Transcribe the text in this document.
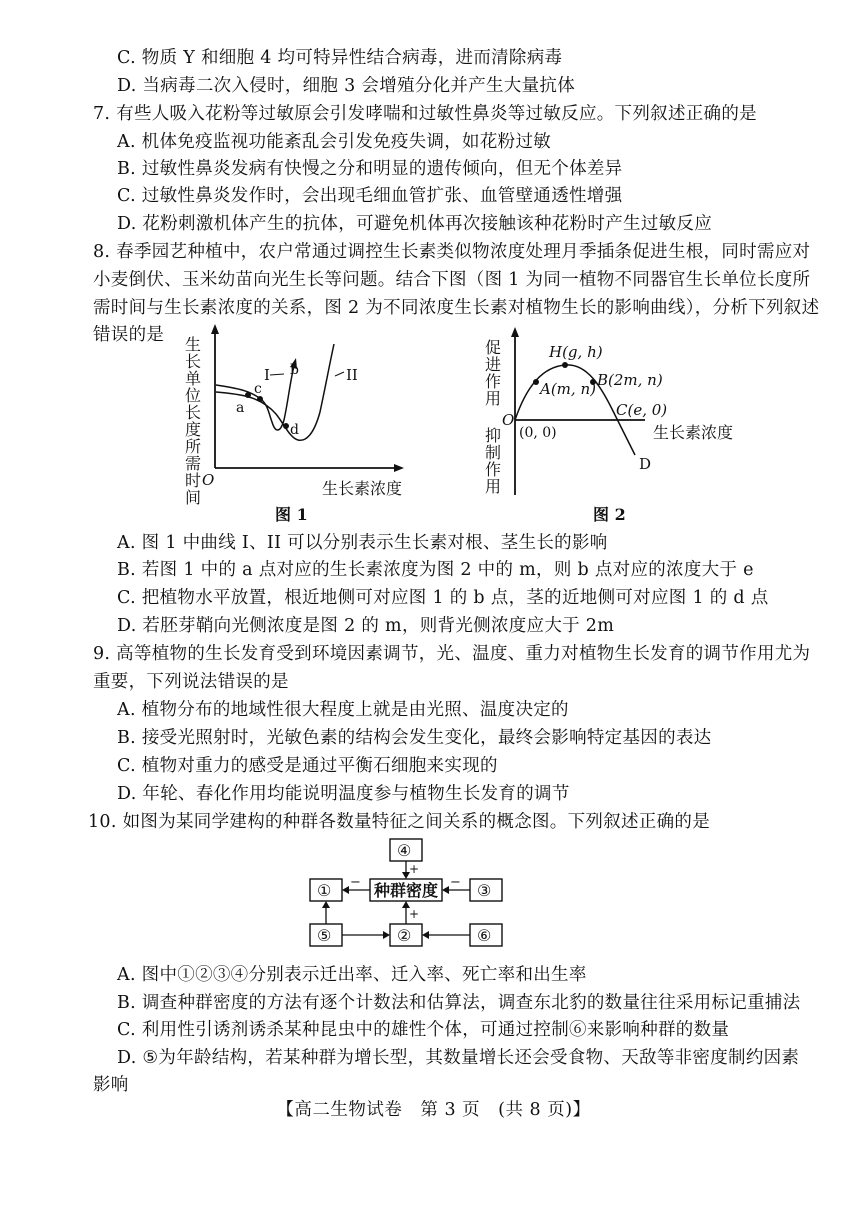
C. 物质 Y 和细胞 4 均可特异性结合病毒，进而清除病毒
D. 当病毒二次入侵时，细胞 3 会增殖分化并产生大量抗体
7. 有些人吸入花粉等过敏原会引发哮喘和过敏性鼻炎等过敏反应。下列叙述正确的是
A. 机体免疫监视功能紊乱会引发免疫失调，如花粉过敏
B. 过敏性鼻炎发病有快慢之分和明显的遗传倾向，但无个体差异
C. 过敏性鼻炎发作时，会出现毛细血管扩张、血管壁通透性增强
D. 花粉刺激机体产生的抗体，可避免机体再次接触该种花粉时产生过敏反应
8. 春季园艺种植中，农户常通过调控生长素类似物浓度处理月季插条促进生根，同时需应对
小麦倒伏、玉米幼苗向光生长等问题。结合下图（图 1 为同一植物不同器官生长单位长度所
需时间与生长素浓度的关系，图 2 为不同浓度生长素对植物生长的影响曲线），分析下列叙述
错误的是
生长单位长度所需时间 O	生长素浓度
a
c
b
d
I	II
图 1
促进作用
抑制作用
O
(0, 0)	生长素浓度
H(g, h)
A(m, n) B(2m, n)
C(e, 0)
D
图 2
A. 图 1 中曲线 I、II 可以分别表示生长素对根、茎生长的影响
B. 若图 1 中的 a 点对应的生长素浓度为图 2 中的 m，则 b 点对应的浓度大于 e
C. 把植物水平放置，根近地侧可对应图 1 的 b 点，茎的近地侧可对应图 1 的 d 点
D. 若胚芽鞘向光侧浓度是图 2 的 m，则背光侧浓度应大于 2m
9. 高等植物的生长发育受到环境因素调节，光、温度、重力对植物生长发育的调节作用尤为
重要，下列说法错误的是
A. 植物分布的地域性很大程度上就是由光照、温度决定的
B. 接受光照射时，光敏色素的结构会发生变化，最终会影响特定基因的表达
C. 植物对重力的感受是通过平衡石细胞来实现的
D. 年轮、春化作用均能说明温度参与植物生长发育的调节
10. 如图为某同学建构的种群各数量特征之间关系的概念图。下列叙述正确的是
④
种群密度
①	③
⑤	②	⑥
+
−	−
+
A. 图中①②③④分别表示迁出率、迁入率、死亡率和出生率
B. 调查种群密度的方法有逐个计数法和估算法，调查东北豹的数量往往采用标记重捕法
C. 利用性引诱剂诱杀某种昆虫中的雄性个体，可通过控制⑥来影响种群的数量
D. ⑤为年龄结构，若某种群为增长型，其数量增长还会受食物、天敌等非密度制约因素
影响
【高二生物试卷　第 3 页　(共 8 页)】
